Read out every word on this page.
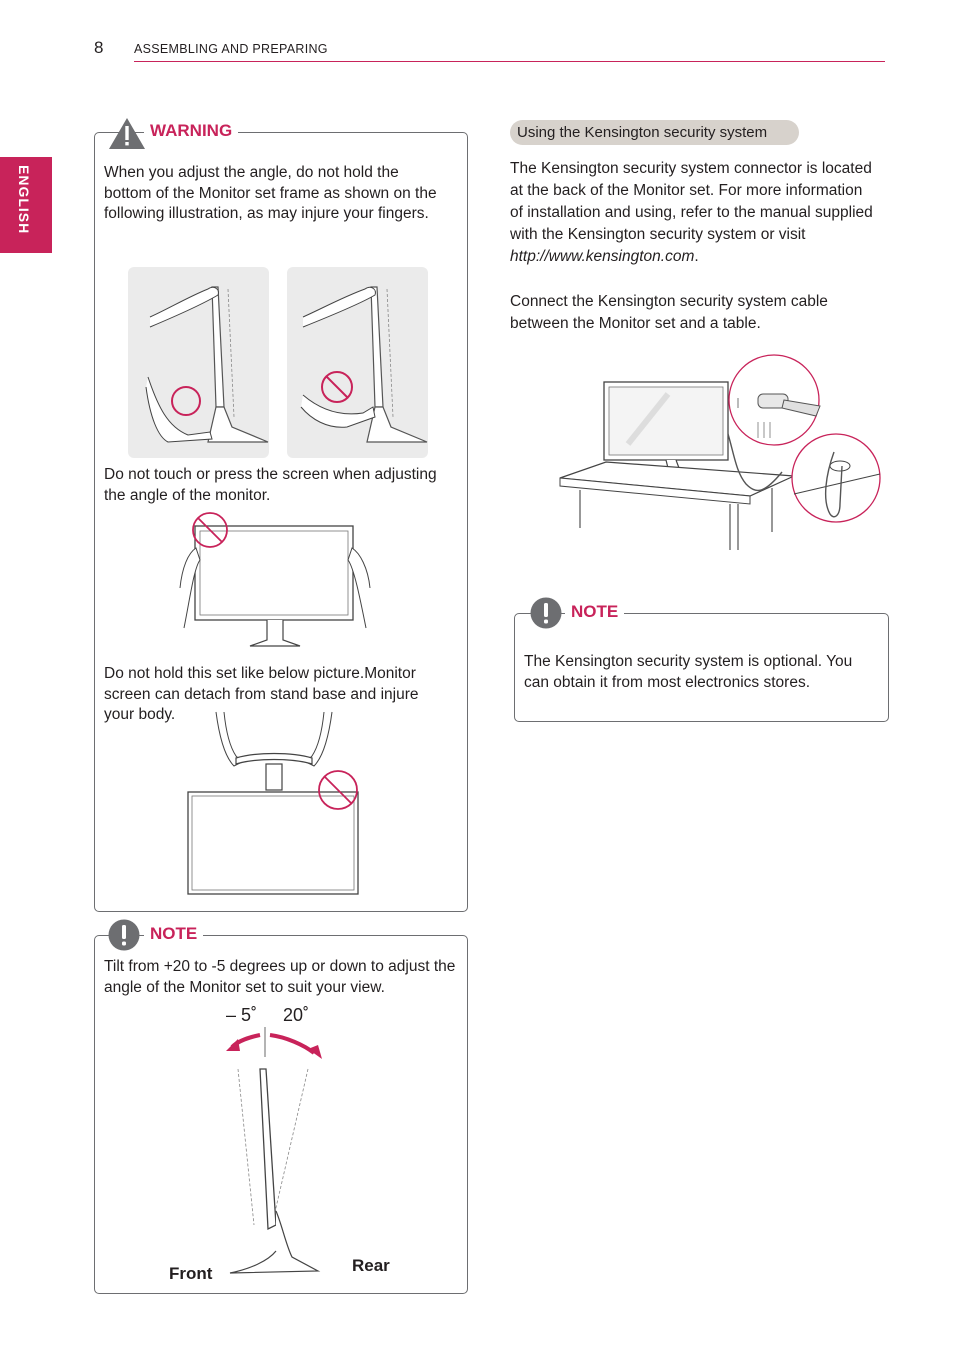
8 ASSEMBLING AND PREPARING
ENGLISH
WARNING
When you adjust the angle, do not hold the bottom of the Monitor set frame as shown on the following illustration, as may injure your fingers.
Do not touch or press the screen when adjusting the angle of the monitor.
Do not hold this set like below picture.Monitor screen can detach from stand base and injure your body.
NOTE
Tilt from +20 to -5 degrees up or down to adjust the angle of the Monitor set to suit your view.
– 5˚ 20˚
Front	Rear
Using the Kensington security system
The Kensington security system connector is located at the back of the Monitor set. For more information of installation and using, refer to the manual supplied with the Kensington security system or visit http://www.kensington.com.
Connect the Kensington security system cable between the Monitor set and a table.
NOTE
The Kensington security system is optional. You can obtain it from most electronics stores.
